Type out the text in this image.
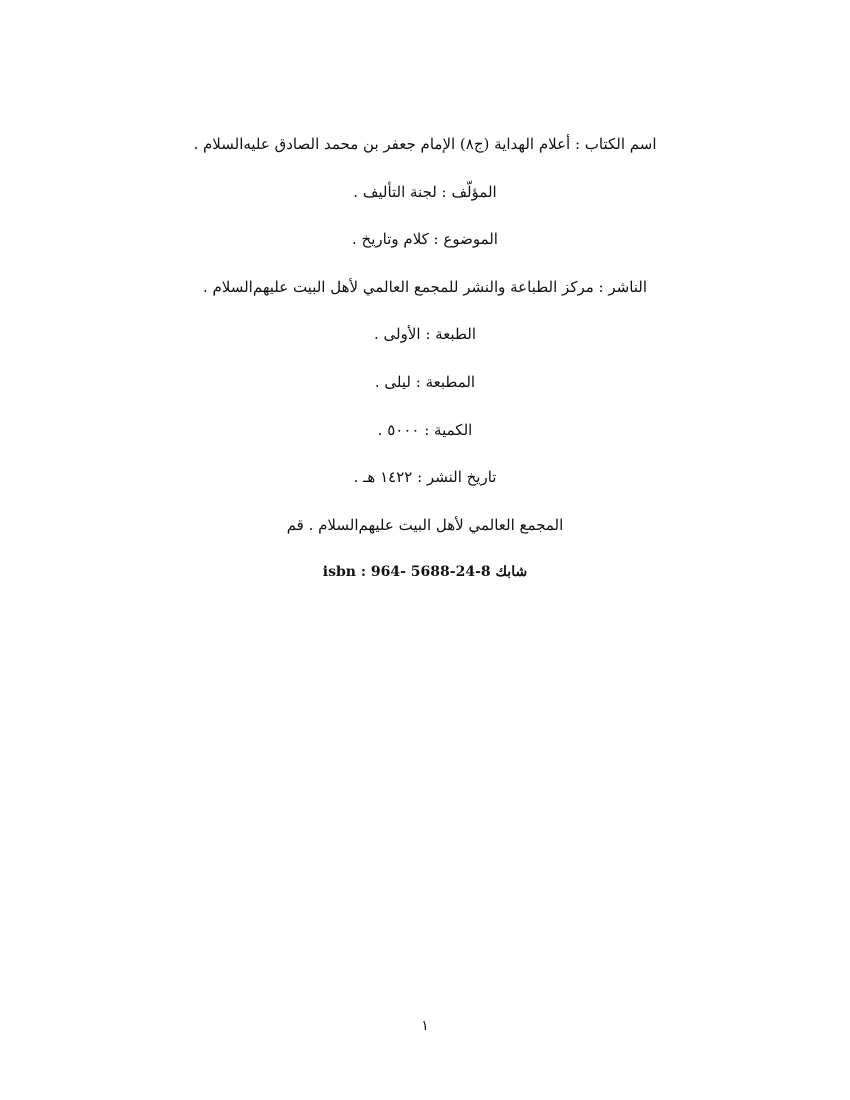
اسم الكتاب : أعلام الهداية (ج٨) الإمام جعفر بن محمد الصادق عليه‌السلام .
المؤلّف : لجنة التأليف .
الموضوع : كلام وتاريخ .
الناشر : مركز الطباعة والنشر للمجمع العالمي لأهل البيت عليهم‌السلام .
الطبعة : الأولى .
المطبعة : ليلى .
الكمية : ٥٠٠٠ .
تاريخ النشر : ١٤٢٢ هـ .
المجمع العالمي لأهل البيت عليهم‌السلام . قم
شابك 8-24-5688 -964 : isbn
١
